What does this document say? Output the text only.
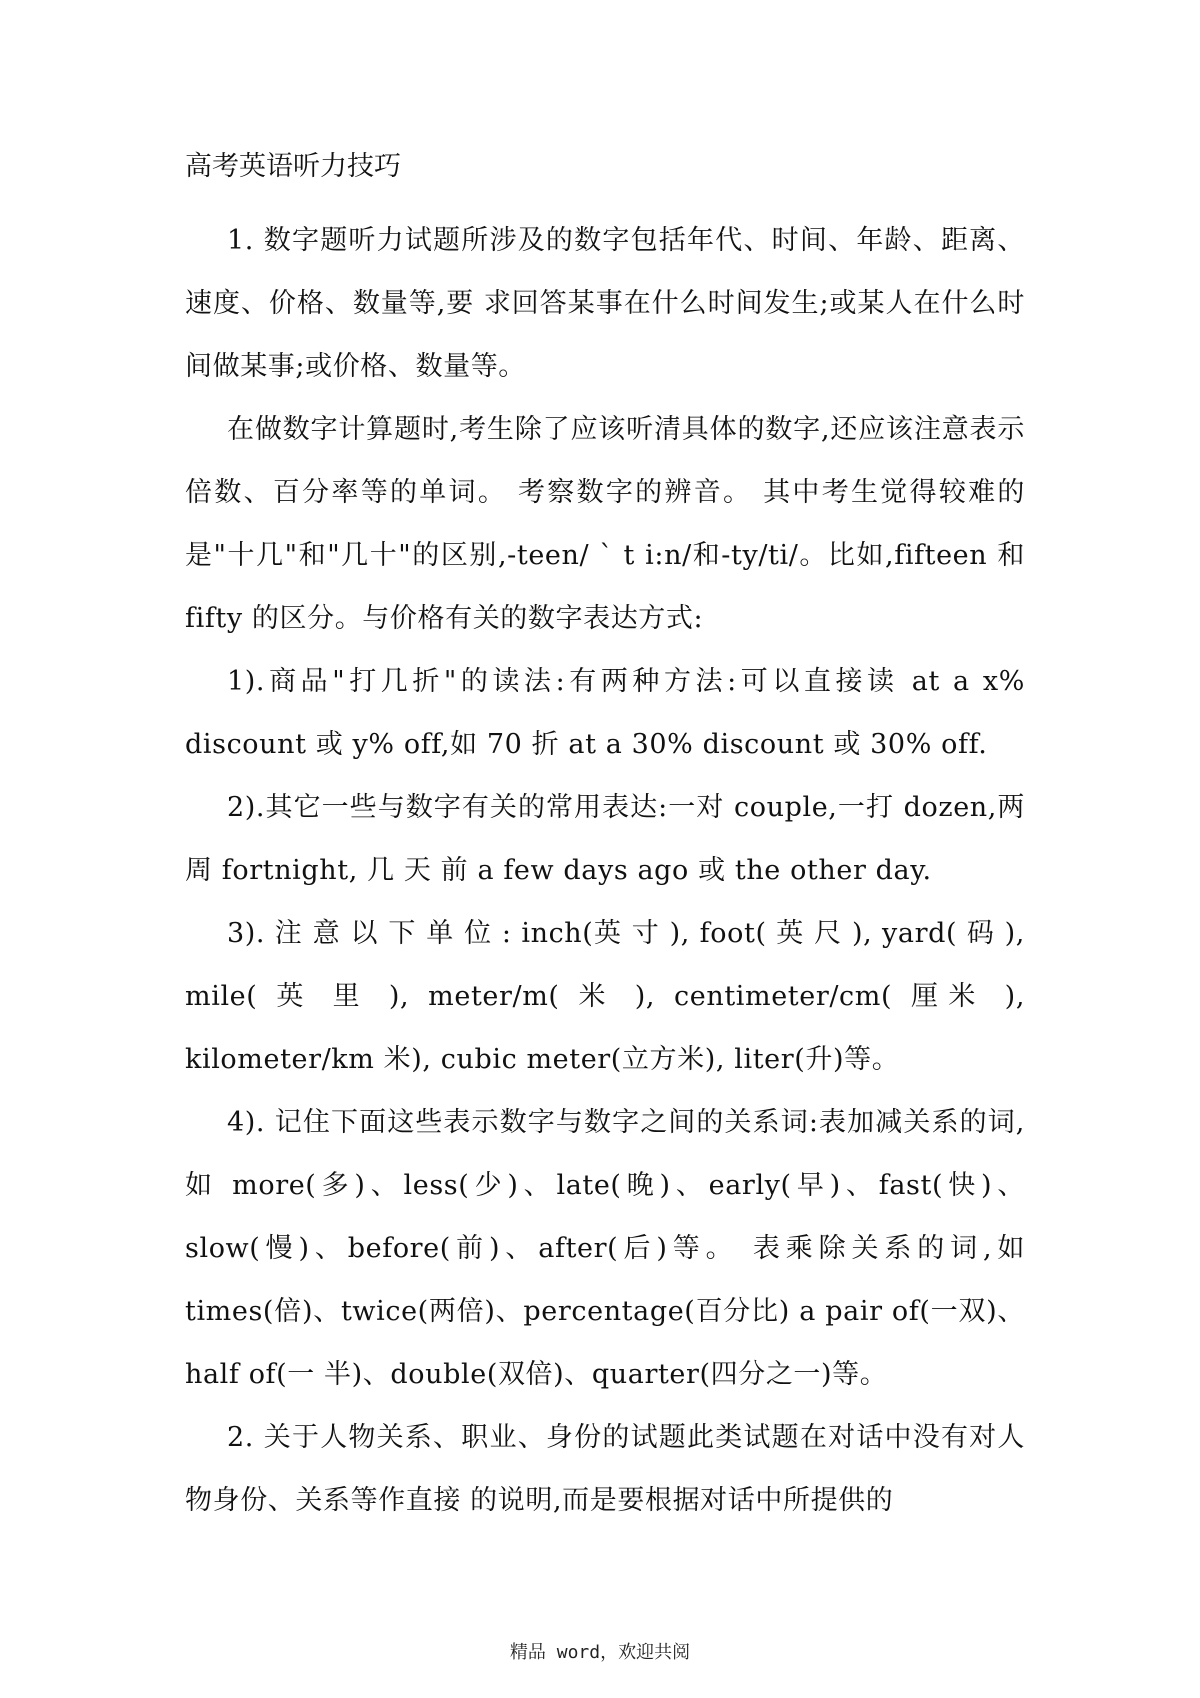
高考英语听力技巧

1. 数字题听力试题所涉及的数字包括年代、时间、年龄、距离、速度、价格、数量等,要 求回答某事在什么时间发生;或某人在什么时间做某事;或价格、数量等。

在做数字计算题时,考生除了应该听清具体的数字,还应该注意表示倍数、百分率等的单词。 考察数字的辨音。 其中考生觉得较难的是"十几"和"几十"的区别,-teen/ ` t i:n/和-ty/ti/。比如,fifteen 和 fifty 的区分。与价格有关的数字表达方式:

1).商品"打几折"的读法:有两种方法:可以直接读 at a x% discount 或 y% off,如 70 折 at a 30% discount 或 30% off.

2).其它一些与数字有关的常用表达:一对 couple,一打 dozen,两周 fortnight, 几 天 前 a few days ago 或 the other day.

3). 注 意 以 下 单 位 : inch(英 寸 ), foot( 英 尺 ), yard( 码 ), mile( 英 里 ), meter/m( 米 ), centimeter/cm( 厘米 ), kilometer/km 米), cubic meter(立方米), liter(升)等。

4). 记住下面这些表示数字与数字之间的关系词:表加减关系的词,如 more(多)、less(少)、late(晚)、early(早)、fast(快)、slow(慢)、before(前)、after(后)等。 表乘除关系的词,如 times(倍)、twice(两倍)、percentage(百分比) a pair of(一双)、half of(一 半)、double(双倍)、quarter(四分之一)等。

2. 关于人物关系、职业、身份的试题此类试题在对话中没有对人物身份、关系等作直接 的说明,而是要根据对话中所提供的

精品 word，欢迎共阅
